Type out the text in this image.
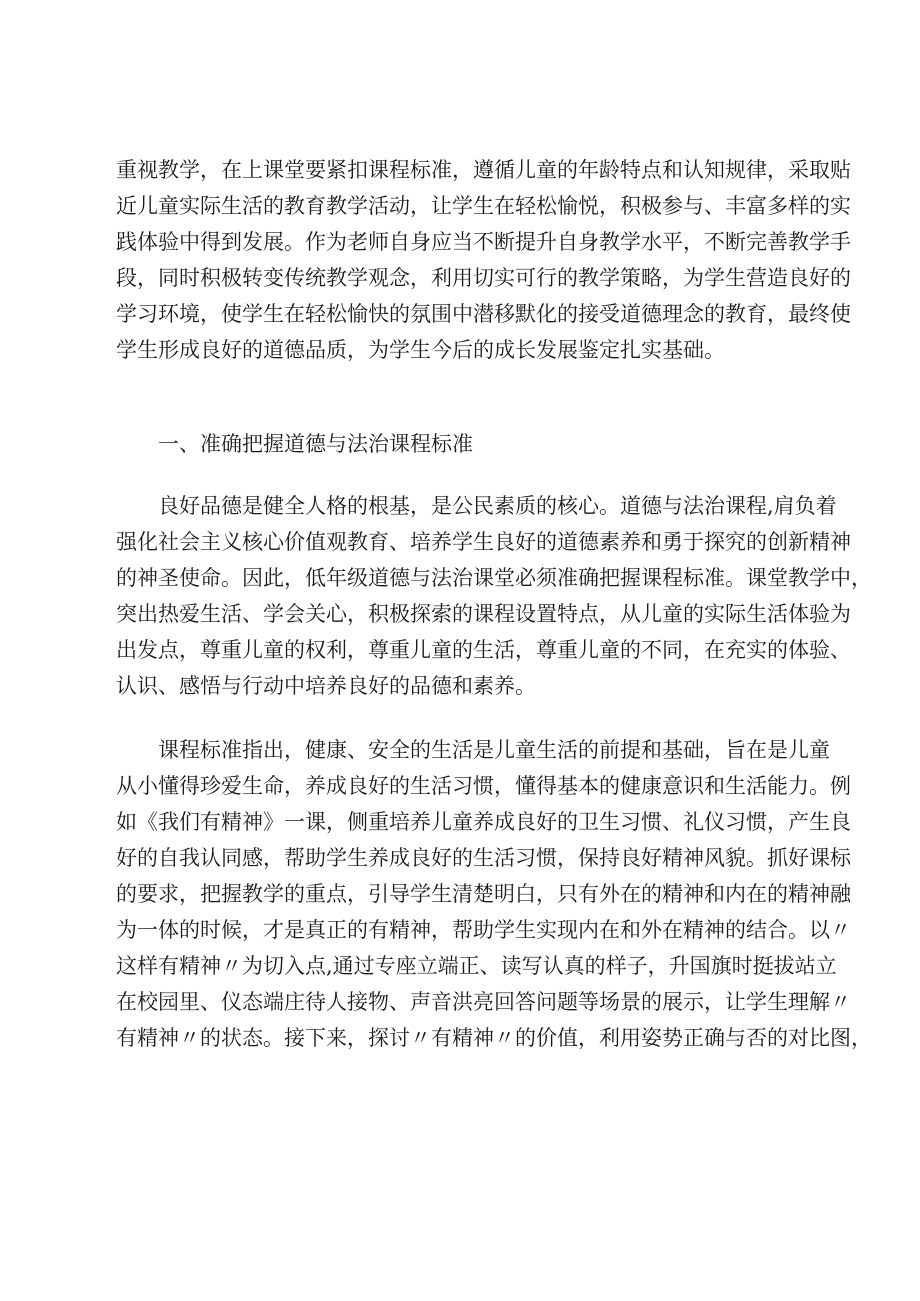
重视教学，在上课堂要紧扣课程标准，遵循儿童的年龄特点和认知规律，采取贴
近儿童实际生活的教育教学活动，让学生在轻松愉悦，积极参与、丰富多样的实
践体验中得到发展。作为老师自身应当不断提升自身教学水平，不断完善教学手
段，同时积极转变传统教学观念，利用切实可行的教学策略，为学生营造良好的
学习环境，使学生在轻松愉快的氛围中潜移默化的接受道德理念的教育，最终使
学生形成良好的道德品质，为学生今后的成长发展鉴定扎实基础。
一、准确把握道德与法治课程标准
良好品德是健全人格的根基，是公民素质的核心。道德与法治课程,肩负着
强化社会主义核心价值观教育、培养学生良好的道德素养和勇于探究的创新精神
的神圣使命。因此，低年级道德与法治课堂必须准确把握课程标准。课堂教学中，
突出热爱生活、学会关心，积极探索的课程设置特点，从儿童的实际生活体验为
出发点，尊重儿童的权利，尊重儿童的生活，尊重儿童的不同，在充实的体验、
认识、感悟与行动中培养良好的品德和素养。
课程标准指出，健康、安全的生活是儿童生活的前提和基础，旨在是儿童
从小懂得珍爱生命，养成良好的生活习惯，懂得基本的健康意识和生活能力。例
如《我们有精神》一课，侧重培养儿童养成良好的卫生习惯、礼仪习惯，产生良
好的自我认同感，帮助学生养成良好的生活习惯，保持良好精神风貌。抓好课标
的要求，把握教学的重点，引导学生清楚明白，只有外在的精神和内在的精神融
为一体的时候，才是真正的有精神，帮助学生实现内在和外在精神的结合。以〃
这样有精神〃为切入点,通过专座立端正、读写认真的样子，升国旗时挺拔站立
在校园里、仪态端庄待人接物、声音洪亮回答问题等场景的展示，让学生理解〃
有精神〃的状态。接下来，探讨〃有精神〃的价值，利用姿势正确与否的对比图，
